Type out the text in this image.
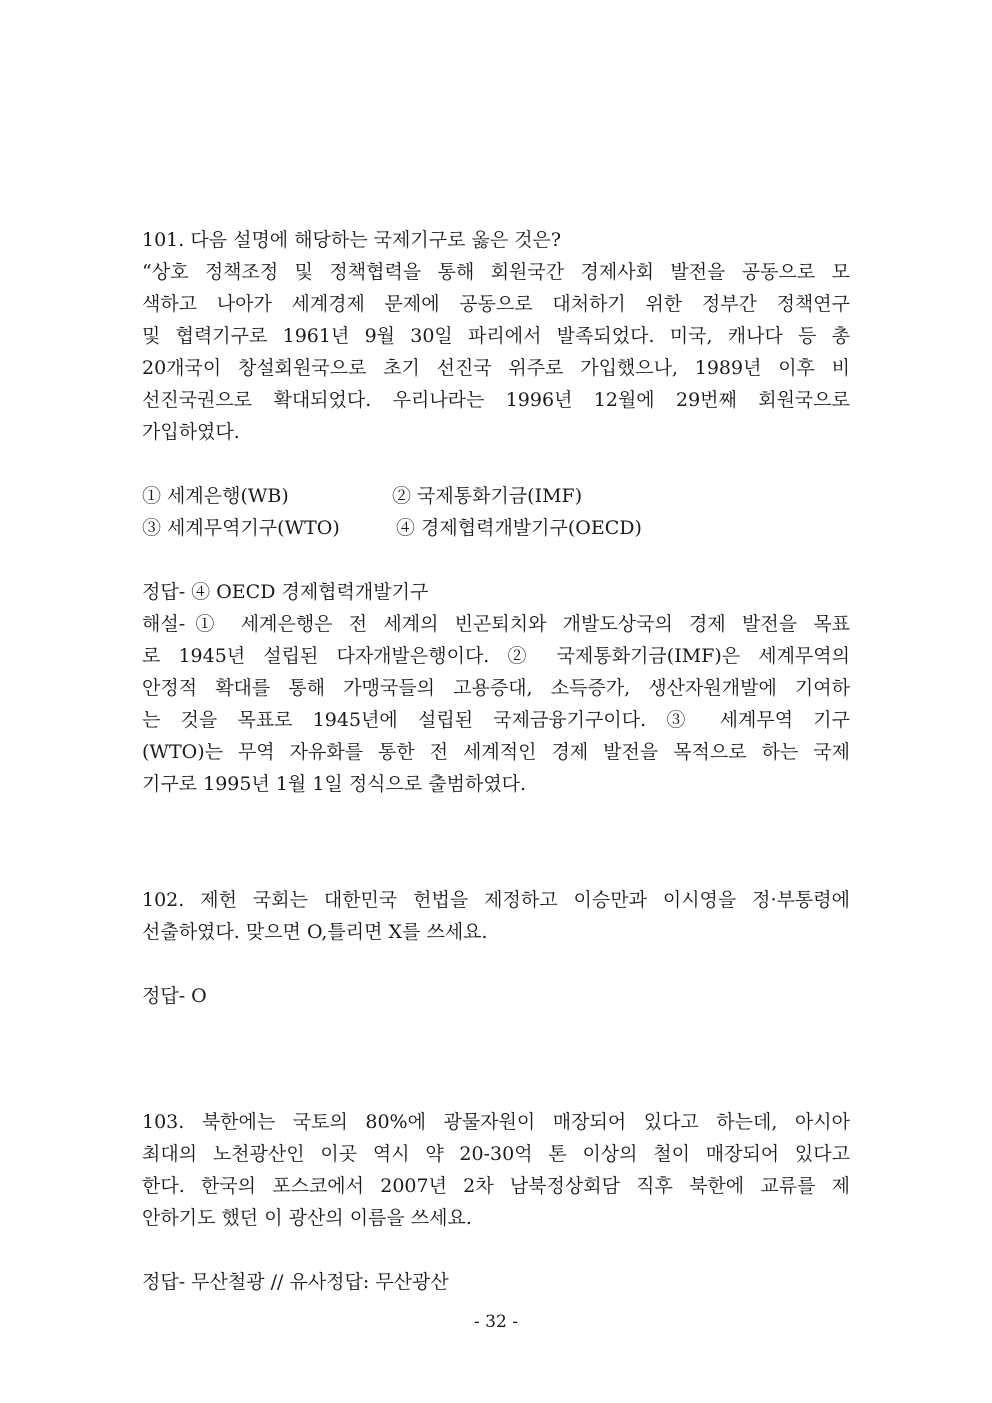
101. 다음 설명에 해당하는 국제기구로 옳은 것은?
“상호 정책조정 및 정책협력을 통해 회원국간 경제사회 발전을 공동으로 모
색하고 나아가 세계경제 문제에 공동으로 대처하기 위한 정부간 정책연구
및 협력기구로 1961년 9월 30일 파리에서 발족되었다. 미국, 캐나다 등 총
20개국이 창설회원국으로 초기 선진국 위주로 가입했으나, 1989년 이후 비
선진국권으로 확대되었다. 우리나라는 1996년 12월에 29번째 회원국으로
가입하였다.
① 세계은행(WB)	② 국제통화기금(IMF)
③ 세계무역기구(WTO)	④ 경제협력개발기구(OECD)
정답- ④ OECD 경제협력개발기구
해설-① 세계은행은 전 세계의 빈곤퇴치와 개발도상국의 경제 발전을 목표
로 1945년 설립된 다자개발은행이다. ② 국제통화기금(IMF)은 세계무역의
안정적 확대를 통해 가맹국들의 고용증대, 소득증가, 생산자원개발에 기여하
는 것을 목표로 1945년에 설립된 국제금융기구이다. ③ 세계무역 기구
(WTO)는 무역 자유화를 통한 전 세계적인 경제 발전을 목적으로 하는 국제
기구로 1995년 1월 1일 정식으로 출범하였다.
102. 제헌 국회는 대한민국 헌법을 제정하고 이승만과 이시영을 정·부통령에
선출하였다. 맞으면 O,틀리면 X를 쓰세요.
정답- O
103. 북한에는 국토의 80%에 광물자원이 매장되어 있다고 하는데, 아시아
최대의 노천광산인 이곳 역시 약 20-30억 톤 이상의 철이 매장되어 있다고
한다. 한국의 포스코에서 2007년 2차 남북정상회담 직후 북한에 교류를 제
안하기도 했던 이 광산의 이름을 쓰세요.
정답- 무산철광 // 유사정답: 무산광산
- 32 -
